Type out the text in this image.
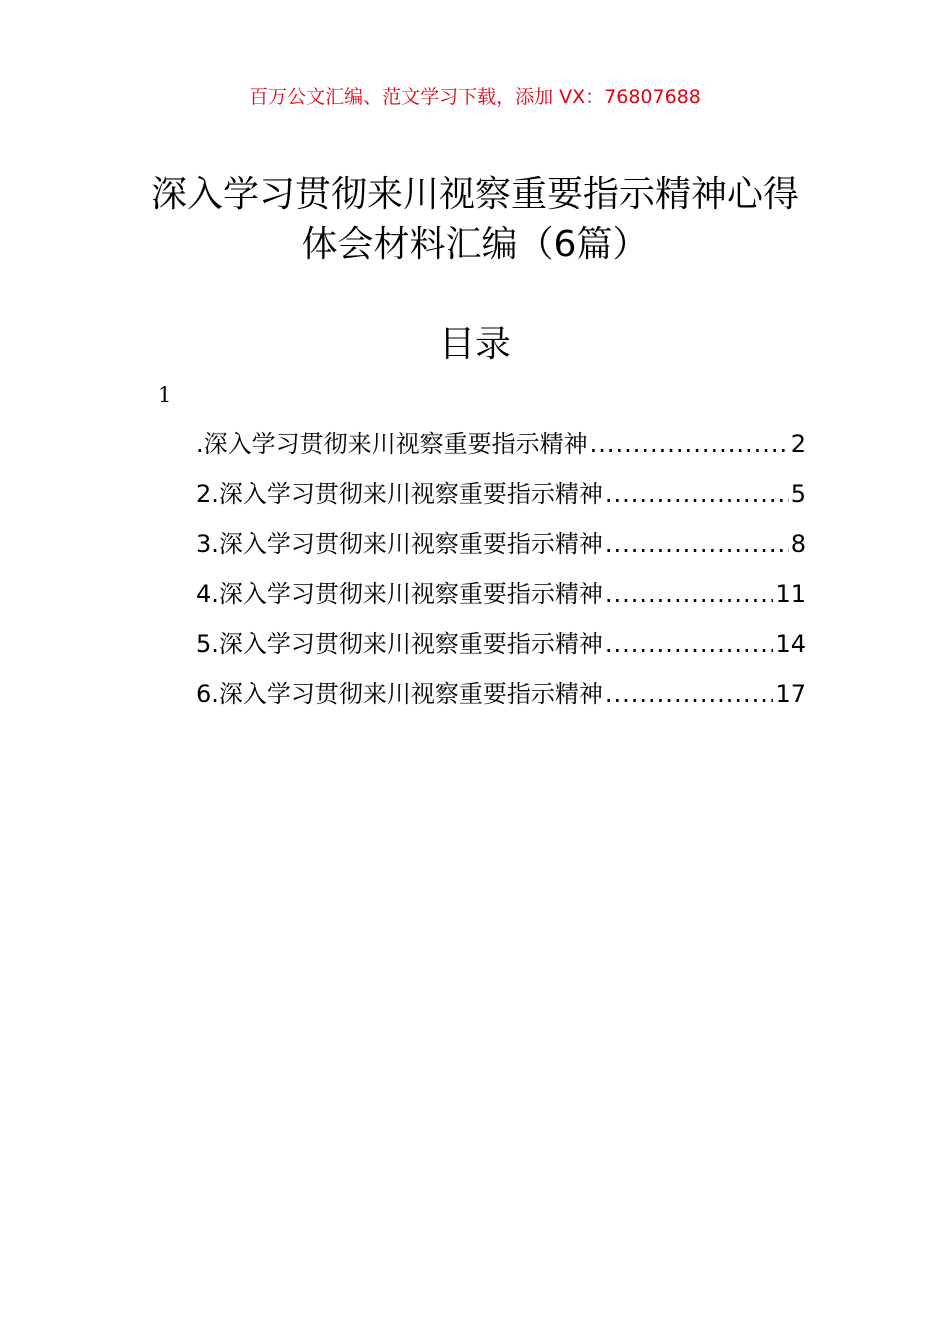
百万公文汇编、范文学习下载，添加 VX：76807688
深入学习贯彻来川视察重要指示精神心得
体会材料汇编（6篇）
目录
1
.深入学习贯彻来川视察重要指示精神 .....	2
2.深入学习贯彻来川视察重要指示精神 .....	5
3.深入学习贯彻来川视察重要指示精神 .....	8
4.深入学习贯彻来川视察重要指示精神 .....	11
5.深入学习贯彻来川视察重要指示精神 .....	14
6.深入学习贯彻来川视察重要指示精神 .....	17
